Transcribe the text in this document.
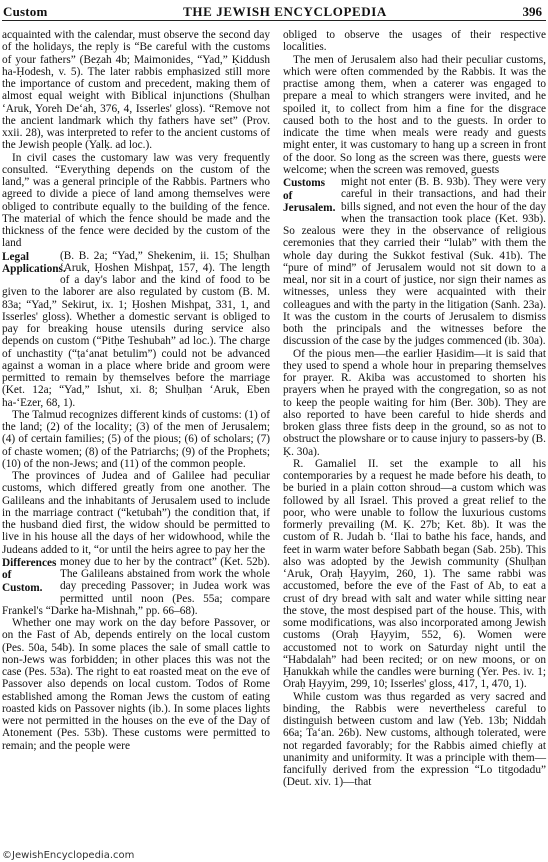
Custom	THE JEWISH ENCYCLOPEDIA	396

acquainted with the calendar, must observe the second day of the holidays, the reply is “Be careful with the customs of your fathers” (Beẓah 4b; Maimonides, “Yad,” Ḳiddush ha-Ḥodesh, v. 5). The later rabbis emphasized still more the importance of custom and precedent, making them of almost equal weight with Biblical injunctions (Shulḥan ‘Aruk, Yoreh De‘ah, 376, 4, Isserles' gloss). “Remove not the ancient landmark which thy fathers have set” (Prov. xxii. 28), was interpreted to refer to the ancient customs of the Jewish people (Yalḳ. ad loc.).

In civil cases the customary law was very frequently consulted. “Everything depends on the custom of the land,” was a general principle of the Rabbis. Partners who agreed to divide a piece of land among themselves were obliged to contribute equally to the building of the fence. The material of which the fence should be made and the thickness of the fence were decided by the custom of the land

Legal Applications.
(B. B. 2a; “Yad,” Shekenim, ii. 15; Shulḥan ‘Aruk, Ḥoshen Mishpaṭ, 157, 4). The length of a day's labor and the kind of food to be given to the laborer are also regulated by custom (B. M. 83a; “Yad,” Sekirut, ix. 1; Ḥoshen Mishpaṭ, 331, 1, and Isserles' gloss). Whether a domestic servant is obliged to pay for breaking house utensils during service also depends on custom (“Pitḥe Teshubah” ad loc.). The charge of unchastity (“ṭa‘anat betulim”) could not be advanced against a woman in a place where bride and groom were permitted to remain by themselves before the marriage (Ket. 12a; “Yad,” Ishut, xi. 8; Shulḥan ‘Aruk, Eben ha-‘Ezer, 68, 1).

The Talmud recognizes different kinds of customs: (1) of the land; (2) of the locality; (3) of the men of Jerusalem; (4) of certain families; (5) of the pious; (6) of scholars; (7) of chaste women; (8) of the Patriarchs; (9) of the Prophets; (10) of the non-Jews; and (11) of the common people.

The provinces of Judea and of Galilee had peculiar customs, which differed greatly from one another. The Galileans and the inhabitants of Jerusalem used to include in the marriage contract (“ketubah”) the condition that, if the husband died first, the widow should be permitted to live in his house all the days of her widowhood, while the Judeans added to it, “or until the heirs agree to pay her the

Differences of Custom.
money due to her by the contract” (Ket. 52b). The Galileans abstained from work the whole day preceding Passover; in Judea work was permitted until noon (Pes. 55a; compare Frankel's “Darke ha-Mishnah,” pp. 66–68).

Whether one may work on the day before Passover, or on the Fast of Ab, depends entirely on the local custom (Pes. 50a, 54b). In some places the sale of small cattle to non-Jews was forbidden; in other places this was not the case (Pes. 53a). The right to eat roasted meat on the eve of Passover also depends on local custom. Todos of Rome established among the Roman Jews the custom of eating roasted kids on Passover nights (ib.). In some places lights were not permitted in the houses on the eve of the Day of Atonement (Pes. 53b). These customs were permitted to remain; and the people were

obliged to observe the usages of their respective localities.

The men of Jerusalem also had their peculiar customs, which were often commended by the Rabbis. It was the practise among them, when a caterer was engaged to prepare a meal to which strangers were invited, and he spoiled it, to collect from him a fine for the disgrace caused both to the host and to the guests. In order to indicate the time when meals were ready and guests might enter, it was customary to hang up a screen in front of the door. So long as the screen was there, guests were welcome; when the screen was removed, guests

Customs of Jerusalem.
might not enter (B. B. 93b). They were very careful in their transactions, and had their bills signed, and not even the hour of the day when the transaction took place (Ket. 93b). So zealous were they in the observance of religious ceremonies that they carried their “lulab” with them the whole day during the Sukkot festival (Suk. 41b). The “pure of mind” of Jerusalem would not sit down to a meal, nor sit in a court of justice, nor sign their names as witnesses, unless they were acquainted with their colleagues and with the party in the litigation (Sanh. 23a). It was the custom in the courts of Jerusalem to dismiss both the principals and the witnesses before the discussion of the case by the judges commenced (ib. 30a).

Of the pious men—the earlier Ḥasidim—it is said that they used to spend a whole hour in preparing themselves for prayer. R. Akiba was accustomed to shorten his prayers when he prayed with the congregation, so as not to keep the people waiting for him (Ber. 30b). They are also reported to have been careful to hide sherds and broken glass three fists deep in the ground, so as not to obstruct the plowshare or to cause injury to passers-by (B. Ḳ. 30a).

R. Gamaliel II. set the example to all his contemporaries by a request he made before his death, to be buried in a plain cotton shroud—a custom which was followed by all Israel. This proved a great relief to the poor, who were unable to follow the luxurious customs formerly prevailing (M. Ḳ. 27b; Ket. 8b). It was the custom of R. Judah b. ‘Ilai to bathe his face, hands, and feet in warm water before Sabbath began (Sab. 25b). This also was adopted by the Jewish community (Shulḥan ‘Aruk, Oraḥ Ḥayyim, 260, 1). The same rabbi was accustomed, before the eve of the Fast of Ab, to eat a crust of dry bread with salt and water while sitting near the stove, the most despised part of the house. This, with some modifications, was also incorporated among Jewish customs (Oraḥ Ḥayyim, 552, 6). Women were accustomed not to work on Saturday night until the “Habdalah” had been recited; or on new moons, or on Ḥanukkah while the candles were burning (Yer. Pes. iv. 1; Oraḥ Ḥayyim, 299, 10; Isserles' gloss, 417, 1, 470, 1).

While custom was thus regarded as very sacred and binding, the Rabbis were nevertheless careful to distinguish between custom and law (Yeb. 13b; Niddah 66a; Ta‘an. 26b). New customs, although tolerated, were not regarded favorably; for the Rabbis aimed chiefly at unanimity and uniformity. It was a principle with them—fancifully derived from the expression “Lo titgodadu” (Deut. xiv. 1)—that

©JewishEncyclopedia.com
